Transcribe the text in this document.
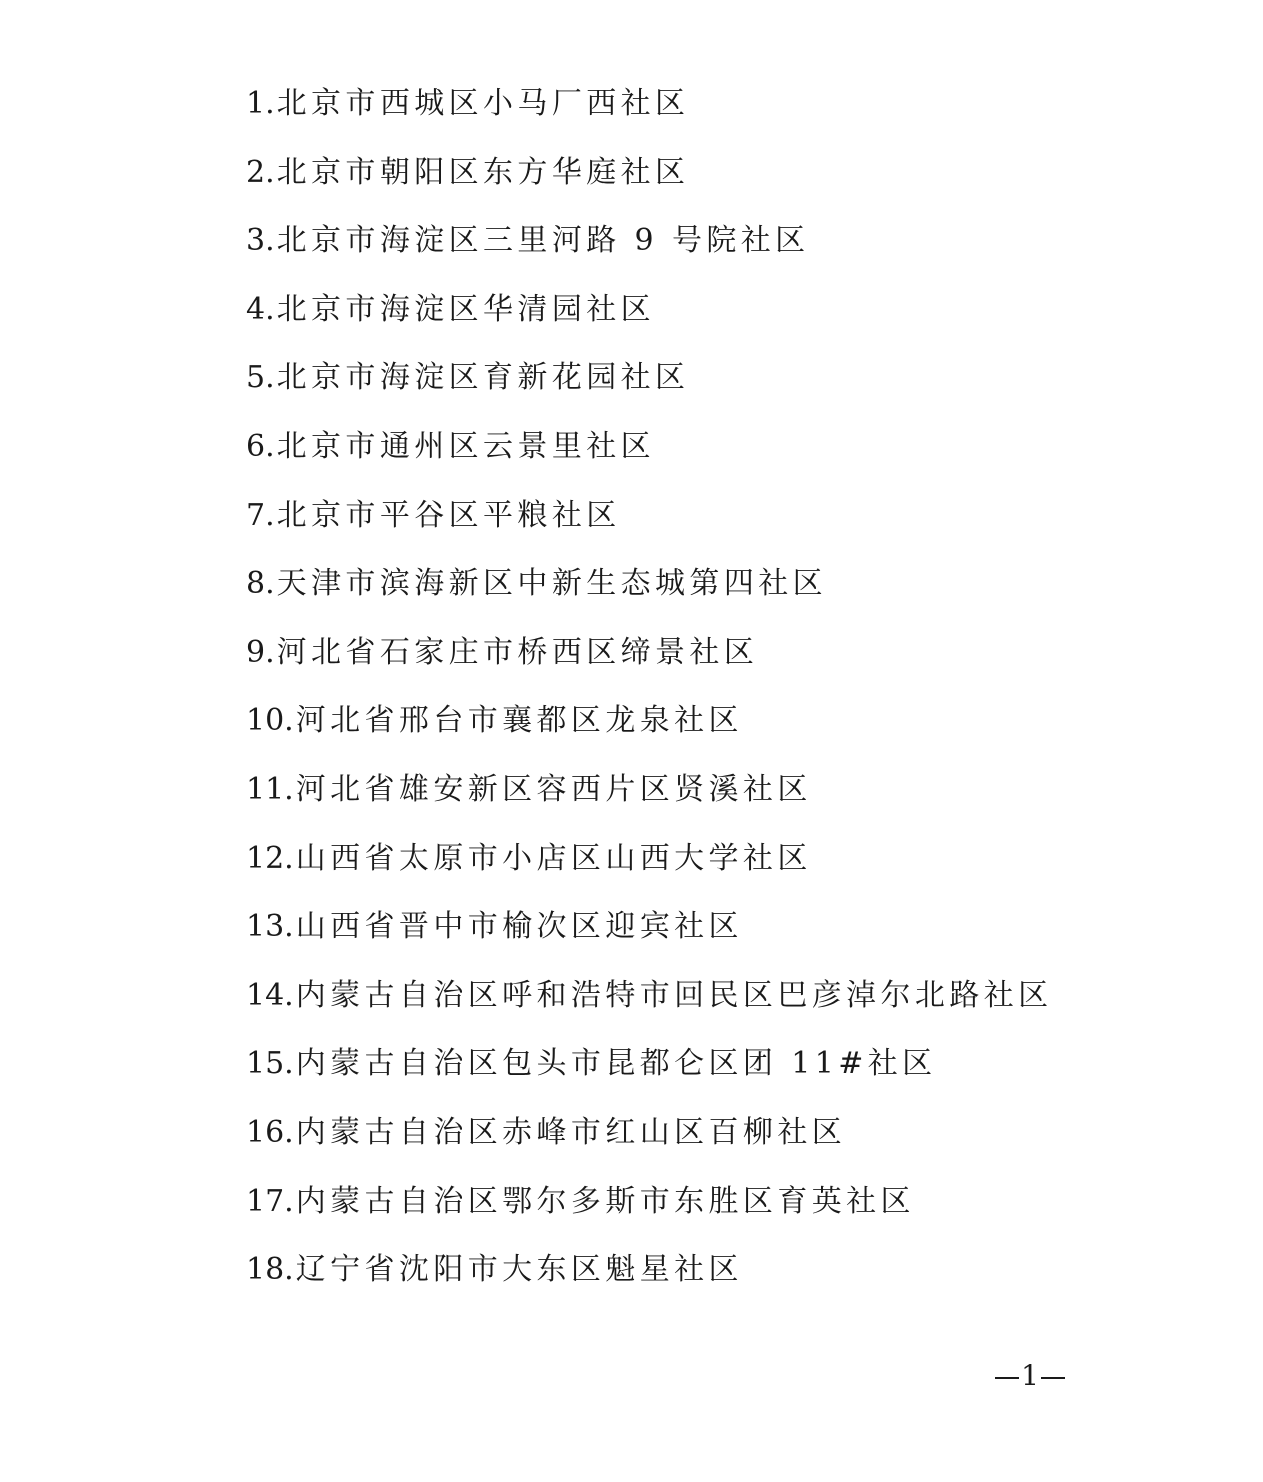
1.北京市西城区小马厂西社区
2.北京市朝阳区东方华庭社区
3.北京市海淀区三里河路 9 号院社区
4.北京市海淀区华清园社区
5.北京市海淀区育新花园社区
6.北京市通州区云景里社区
7.北京市平谷区平粮社区
8.天津市滨海新区中新生态城第四社区
9.河北省石家庄市桥西区缔景社区
10.河北省邢台市襄都区龙泉社区
11.河北省雄安新区容西片区贤溪社区
12.山西省太原市小店区山西大学社区
13.山西省晋中市榆次区迎宾社区
14.内蒙古自治区呼和浩特市回民区巴彦淖尔北路社区
15.内蒙古自治区包头市昆都仑区团 11#社区
16.内蒙古自治区赤峰市红山区百柳社区
17.内蒙古自治区鄂尔多斯市东胜区育英社区
18.辽宁省沈阳市大东区魁星社区
1
